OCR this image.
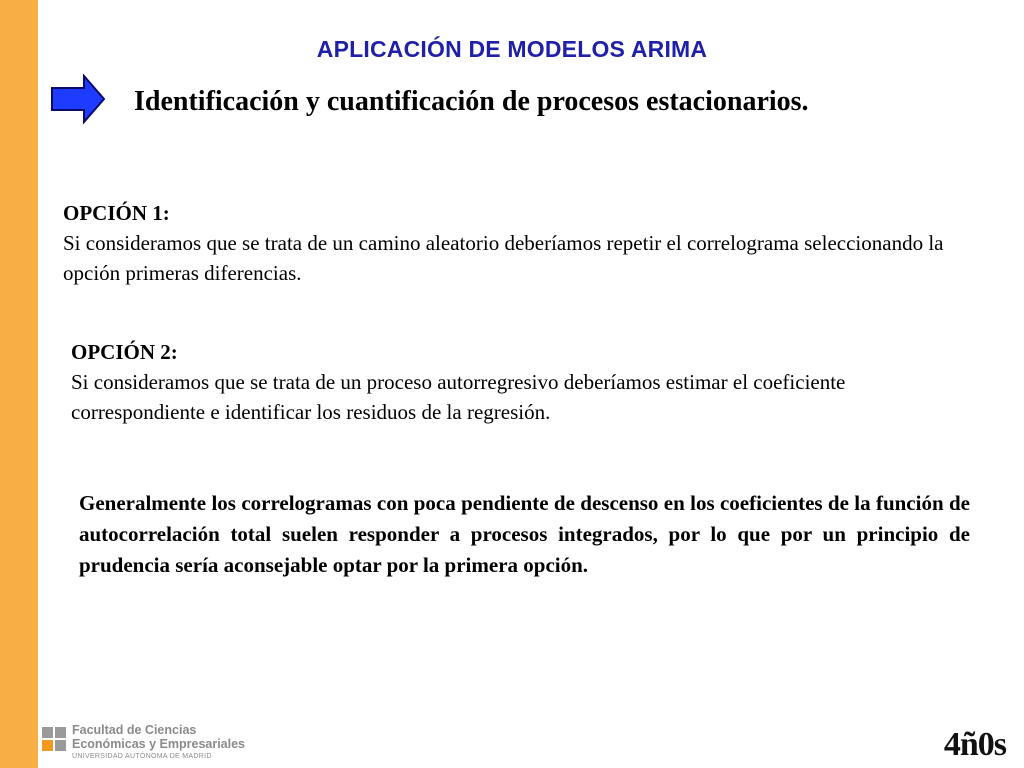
APLICACIÓN DE MODELOS ARIMA
Identificación y cuantificación de procesos estacionarios.
OPCIÓN 1:
Si consideramos que se trata de un camino aleatorio deberíamos repetir el correlograma seleccionando la opción primeras diferencias.
OPCIÓN 2:
Si consideramos que se trata de un proceso autorregresivo deberíamos estimar el coeficiente correspondiente e identificar los residuos de la regresión.
Generalmente los correlogramas con poca pendiente de descenso en los coeficientes de la función de autocorrelación total suelen responder a procesos integrados, por lo que por un principio de prudencia sería aconsejable optar por la primera opción.
Facultad de Ciencias
Económicas y Empresariales
UNIVERSIDAD AUTÓNOMA DE MADRID	4ñ0s
